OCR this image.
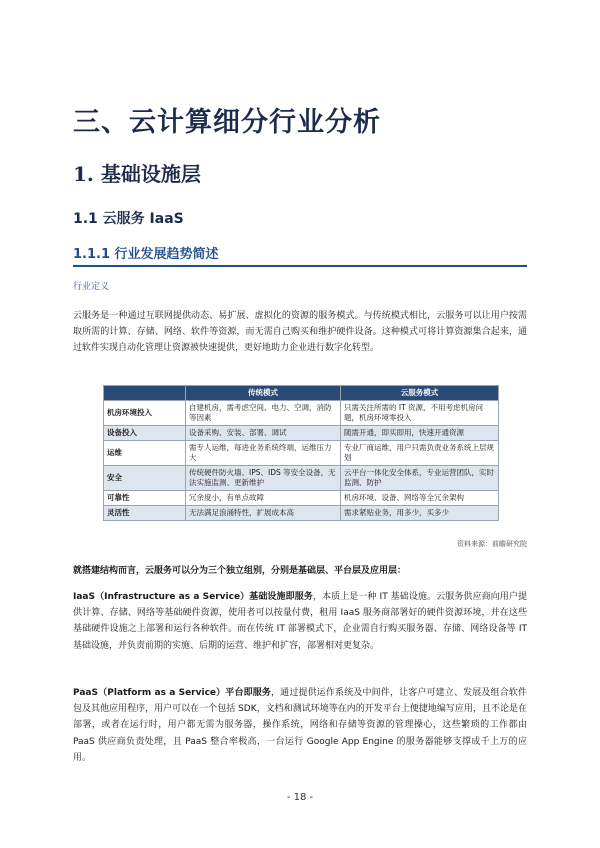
三、云计算细分行业分析
1. 基础设施层
1.1 云服务 IaaS
1.1.1 行业发展趋势简述
行业定义
云服务是一种通过互联网提供动态、易扩展、虚拟化的资源的服务模式。与传统模式相比，云服务可以让用户按需取所需的计算、存储、网络、软件等资源，而无需自己购买和维护硬件设备。这种模式可将计算资源集合起来，通过软件实现自动化管理让资源被快速提供，更好地助力企业进行数字化转型。
	传统模式	云服务模式
机房环境投入	自建机房，需考虑空间、电力、空调，消防等因素	只需关注所需的 IT 资源，不用考虑机房问题，机房环境零投入
设备投入	设备采购、安装、部署、调试	随需开通，即买即用，快速开通资源
运维	需专人运维，每进业务系统终端，运维压力大	专业厂商运维，用户只需负责业务系统上层规划
安全	传统硬件防火墙、IPS、IDS 等安全设备，无法实施监测、更新维护	云平台一体化安全体系，专业运营团队，实时监测、防护
可靠性	冗余度小，有单点故障	机房环境、设备、网络等全冗余架构
灵活性	无法满足浪涌特性，扩展成本高	需求紧贴业务，用多少，买多少
资料来源：前瞻研究院
就搭建结构而言，云服务可以分为三个独立组别，分别是基础层、平台层及应用层：
IaaS（Infrastructure as a Service）基础设施即服务，本质上是一种 IT 基础设施。云服务供应商向用户提供计算、存储、网络等基础硬件资源，使用者可以按量付费，租用 IaaS 服务商部署好的硬件资源环境，并在这些基础硬件设施之上部署和运行各种软件。而在传统 IT 部署模式下，企业需自行购买服务器、存储、网络设备等 IT 基础设施，并负责前期的实施、后期的运营、维护和扩容，部署相对更复杂。
PaaS（Platform as a Service）平台即服务，通过提供运作系统及中间件，让客户可建立、发展及组合软件包及其他应用程序，用户可以在一个包括 SDK，文档和测试环境等在内的开发平台上便捷地编写应用，且不论是在部署，或者在运行时，用户都无需为服务器，操作系统，网络和存储等资源的管理操心，这些繁琐的工作都由 PaaS 供应商负责处理，且 PaaS 整合率极高，一台运行 Google App Engine 的服务器能够支撑成千上万的应用。
- 18 -
